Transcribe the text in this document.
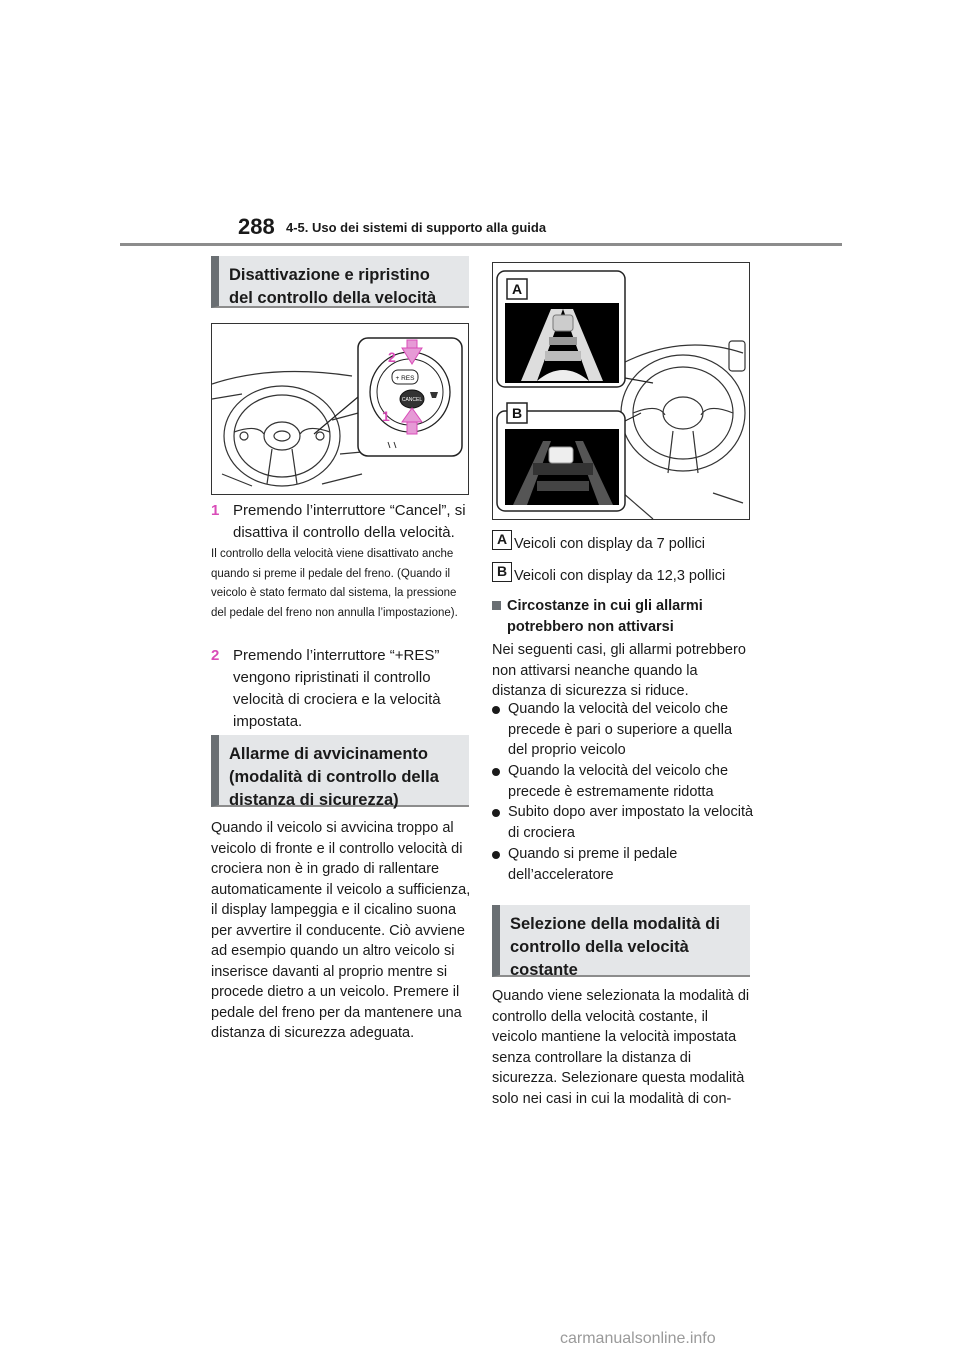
288 4-5. Uso dei sistemi di supporto alla guida
Disattivazione e ripristino del controllo della velocità
+ RES
CANCEL
2
1
1 Premendo l’interruttore “Cancel”, si disattiva il controllo della velocità.
Il controllo della velocità viene disattivato anche quando si preme il pedale del freno. (Quando il veicolo è stato fermato dal sistema, la pressione del pedale del freno non annulla l’impostazione).
2 Premendo l’interruttore “+RES” vengono ripristinati il controllo velocità di crociera e la velocità impostata.
Allarme di avvicinamento (modalità di controllo della distanza di sicurezza)
Quando il veicolo si avvicina troppo al veicolo di fronte e il controllo velocità di crociera non è in grado di rallentare automaticamente il veicolo a sufficienza, il display lampeggia e il cicalino suona per avvertire il conducente. Ciò avviene ad esempio quando un altro veicolo si inserisce davanti al proprio mentre si procede dietro a un veicolo. Premere il pedale del freno per da mantenere una distanza di sicurezza adeguata.
A
B
A Veicoli con display da 7 pollici
B Veicoli con display da 12,3 pollici
Circostanze in cui gli allarmi potrebbero non attivarsi
Nei seguenti casi, gli allarmi potrebbero non attivarsi neanche quando la distanza di sicurezza si riduce.
Quando la velocità del veicolo che precede è pari o superiore a quella del proprio veicolo
Quando la velocità del veicolo che precede è estremamente ridotta
Subito dopo aver impostato la velocità di crociera
Quando si preme il pedale dell’acceleratore
Selezione della modalità di controllo della velocità costante
Quando viene selezionata la modalità di controllo della velocità costante, il veicolo mantiene la velocità impostata senza controllare la distanza di sicurezza. Selezionare questa modalità solo nei casi in cui la modalità di con-
carmanualsonline.info
